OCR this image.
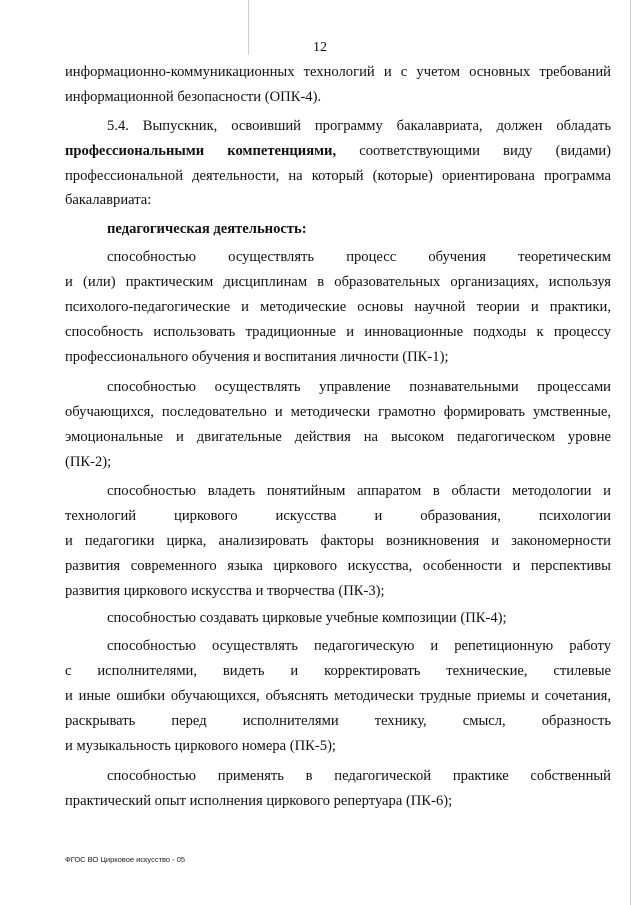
12
информационно-коммуникационных технологий и с учетом основных требований
информационной безопасности (ОПК-4).
5.4. Выпускник, освоивший программу бакалавриата, должен обладать
профессиональными компетенциями, соответствующими виду (видами)
профессиональной деятельности, на который (которые) ориентирована программа
бакалавриата:
педагогическая деятельность:
способностью осуществлять процесс обучения теоретическим
и (или) практическим дисциплинам в образовательных организациях, используя
психолого-педагогические и методические основы научной теории и практики,
способность использовать традиционные и инновационные подходы к процессу
профессионального обучения и воспитания личности (ПК-1);
способностью осуществлять управление познавательными процессами
обучающихся, последовательно и методически грамотно формировать умственные,
эмоциональные и двигательные действия на высоком педагогическом уровне
(ПК-2);
способностью владеть понятийным аппаратом в области методологии и
технологий циркового искусства и образования, психологии
и педагогики цирка, анализировать факторы возникновения и закономерности
развития современного языка циркового искусства, особенности и перспективы
развития циркового искусства и творчества (ПК-3);
способностью создавать цирковые учебные композиции (ПК-4);
способностью осуществлять педагогическую и репетиционную работу
с исполнителями, видеть и корректировать технические, стилевые
и иные ошибки обучающихся, объяснять методически трудные приемы и сочетания,
раскрывать перед исполнителями технику, смысл, образность
и музыкальность циркового номера (ПК-5);
способностью применять в педагогической практике собственный
практический опыт исполнения циркового репертуара (ПК-6);
ФГОС ВО Цирковое искусство - 05
